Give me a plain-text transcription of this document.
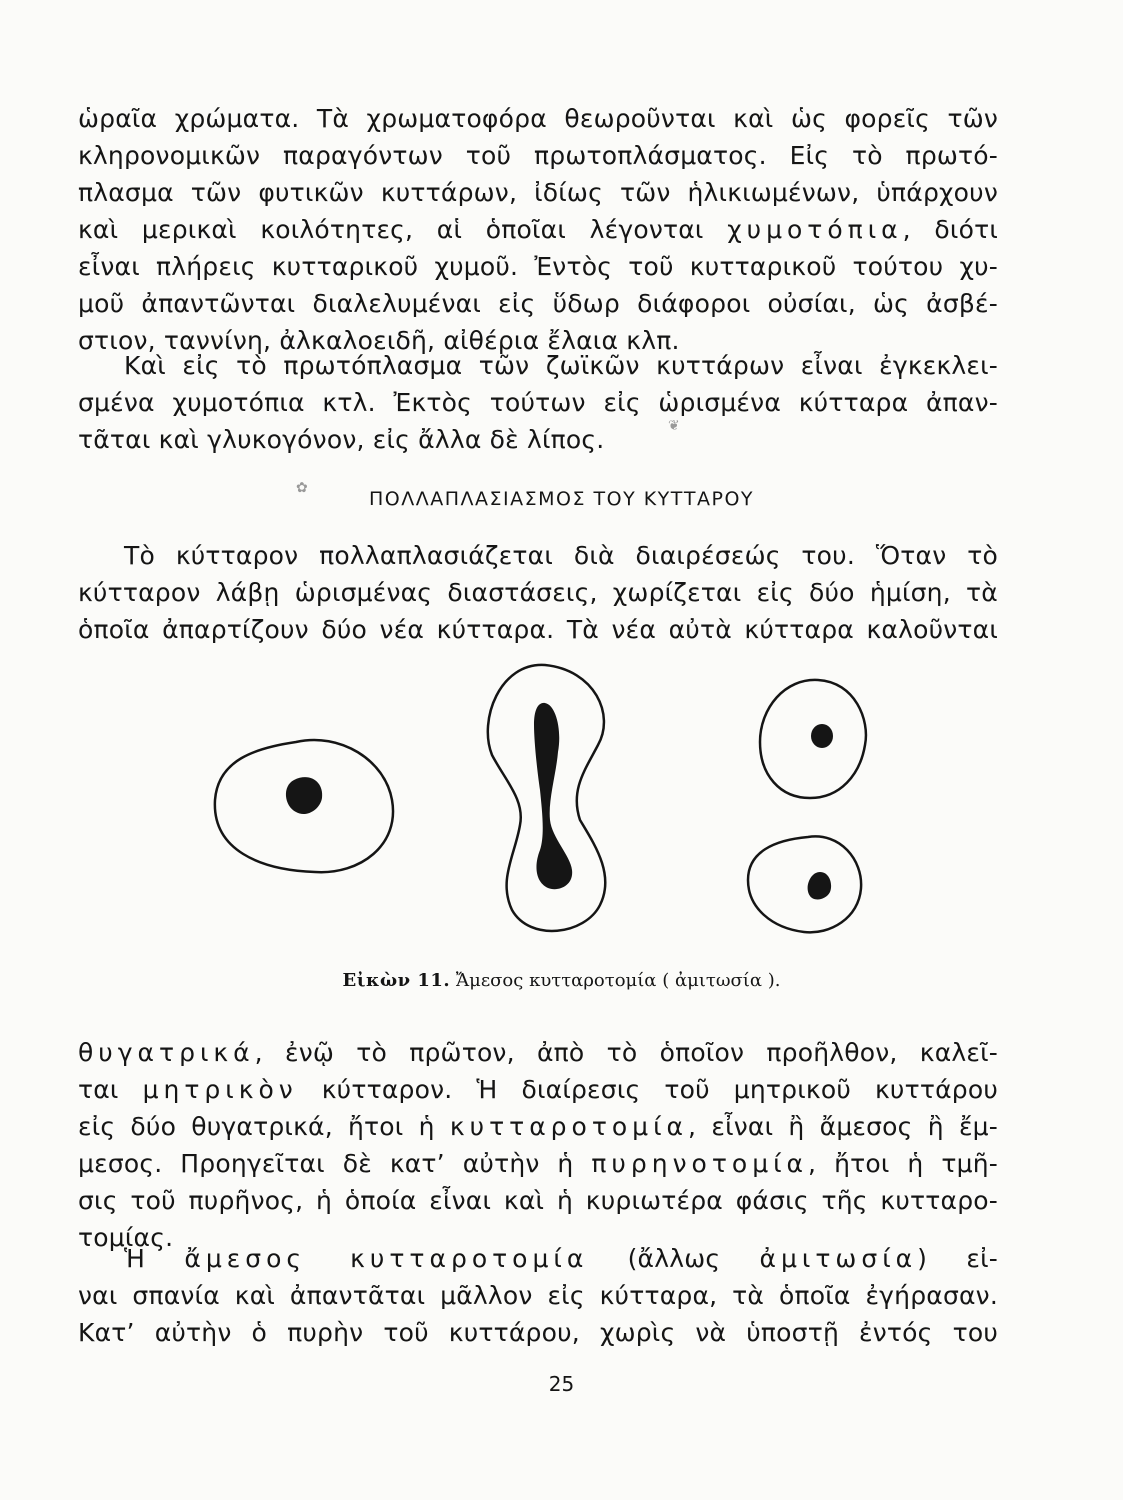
ὡραῖα χρώματα. Τὰ χρωματοφόρα θεωροῦνται καὶ ὡς φορεῖς τῶν
κληρονομικῶν παραγόντων τοῦ πρωτοπλάσματος. Εἰς τὸ πρωτό-
πλασμα τῶν φυτικῶν κυττάρων, ἰδίως τῶν ἡλικιωμένων, ὑπάρχουν
καὶ μερικαὶ κοιλότητες, αἱ ὁποῖαι λέγονται χυμοτόπια, διότι
εἶναι πλήρεις κυτταρικοῦ χυμοῦ. Ἐντὸς τοῦ κυτταρικοῦ τούτου χυ-
μοῦ ἀπαντῶνται διαλελυμέναι εἰς ὕδωρ διάφοροι οὐσίαι, ὡς ἀσβέ-
στιον, ταννίνη, ἀλκαλοειδῆ, αἰθέρια ἔλαια κλπ.
Καὶ εἰς τὸ πρωτόπλασμα τῶν ζωϊκῶν κυττάρων εἶναι ἐγκεκλει-
σμένα χυμοτόπια κτλ. Ἐκτὸς τούτων εἰς ὡρισμένα κύτταρα ἀπαν-
τᾶται καὶ γλυκογόνον, εἰς ἄλλα δὲ λίπος.	❦
✿	ΠΟΛΛΑΠΛΑΣΙΑΣΜΟΣ ΤΟΥ ΚΥΤΤΑΡΟΥ
Τὸ κύτταρον πολλαπλασιάζεται διὰ διαιρέσεώς του. Ὅταν τὸ
κύτταρον λάβῃ ὡρισμένας διαστάσεις, χωρίζεται εἰς δύο ἡμίση, τὰ
ὁποῖα ἀπαρτίζουν δύο νέα κύτταρα. Τὰ νέα αὐτὰ κύτταρα καλοῦνται
Εἰκὼν 11. Ἄμεσος κυτταροτομία ( ἀμιτωσία ).
θυγατρικά, ἐνῷ τὸ πρῶτον, ἀπὸ τὸ ὁποῖον προῆλθον, καλεῖ-
ται μητρικὸν κύτταρον. Ἡ διαίρεσις τοῦ μητρικοῦ κυττάρου
εἰς δύο θυγατρικά, ἤτοι ἡ κυτταροτομία, εἶναι ἢ ἄμεσος ἢ ἔμ-
μεσος. Προηγεῖται δὲ κατ’ αὐτὴν ἡ πυρηνοτομία, ἤτοι ἡ τμῆ-
σις τοῦ πυρῆνος, ἡ ὁποία εἶναι καὶ ἡ κυριωτέρα φάσις τῆς κυτταρο-
τομίας.
Ἡ ἄμεσος κυτταροτομία (ἄλλως ἀμιτωσία) εἰ-
ναι σπανία καὶ ἀπαντᾶται μᾶλλον εἰς κύτταρα, τὰ ὁποῖα ἐγήρασαν.
Κατ’ αὐτὴν ὁ πυρὴν τοῦ κυττάρου, χωρὶς νὰ ὑποστῇ ἐντός του
25
